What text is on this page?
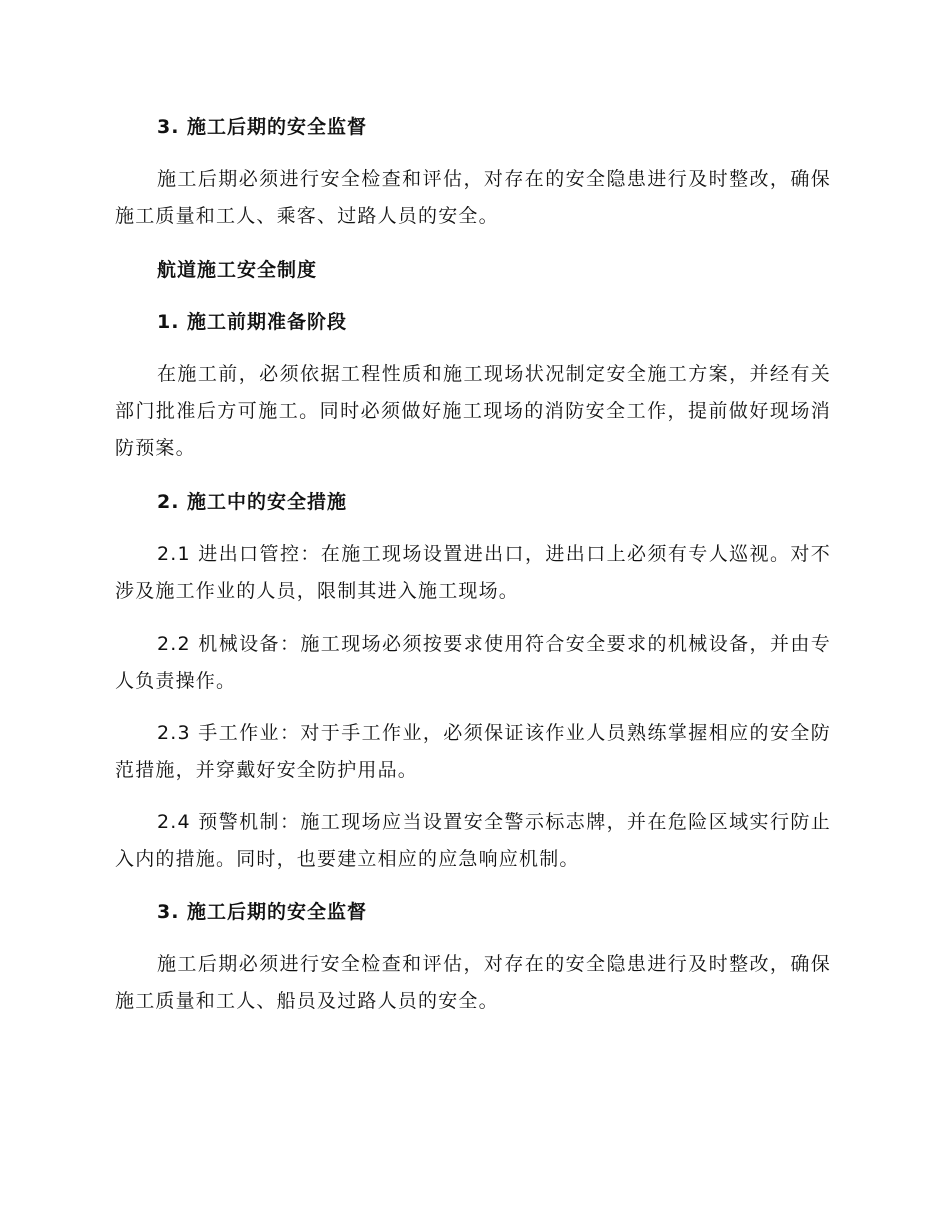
3. 施工后期的安全监督

施工后期必须进行安全检查和评估，对存在的安全隐患进行及时整改，确保施工质量和工人、乘客、过路人员的安全。

航道施工安全制度

1. 施工前期准备阶段

在施工前，必须依据工程性质和施工现场状况制定安全施工方案，并经有关部门批准后方可施工。同时必须做好施工现场的消防安全工作，提前做好现场消防预案。

2. 施工中的安全措施

2.1 进出口管控：在施工现场设置进出口，进出口上必须有专人巡视。对不涉及施工作业的人员，限制其进入施工现场。

2.2 机械设备：施工现场必须按要求使用符合安全要求的机械设备，并由专人负责操作。

2.3 手工作业：对于手工作业，必须保证该作业人员熟练掌握相应的安全防范措施，并穿戴好安全防护用品。

2.4 预警机制：施工现场应当设置安全警示标志牌，并在危险区域实行防止入内的措施。同时，也要建立相应的应急响应机制。

3. 施工后期的安全监督

施工后期必须进行安全检查和评估，对存在的安全隐患进行及时整改，确保施工质量和工人、船员及过路人员的安全。
